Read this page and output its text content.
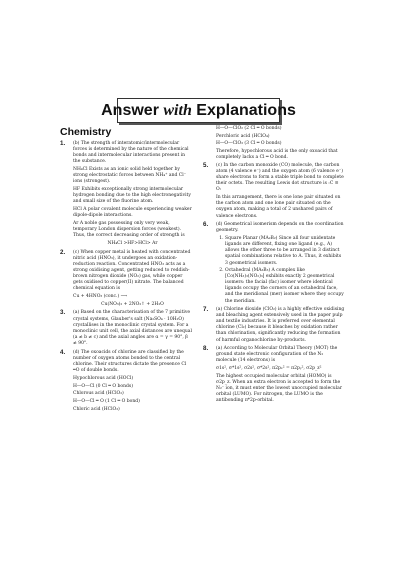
Answer with Explanations
Chemistry
1.	(b) The strength of interatomic/intermolecular forces is determined by the nature of the chemical bonds and intermolecular interactions present in the substance.

NH₄Cl Exists as an ionic solid held together by strong electrostatic forces between NH₄⁺ and Cl⁻ ions (strongest).

HF Exhibits exceptionally strong intermolecular hydrogen bonding due to the high electronegativity and small size of the fluorine atom.

HCl A polar covalent molecule experiencing weaker dipole-dipole interactions.

Ar A noble gas possessing only very weak, temporary London dispersion forces (weakest). Thus, the correct decreasing order of strength is

NH₄Cl >HF>HCl> Ar

2.	(c) When copper metal is heated with concentrated nitric acid (HNO₃), it undergoes an oxidation-reduction reaction. Concentrated HNO₃ acts as a strong oxidising agent, getting reduced to reddish-brown nitrogen dioxide (NO₂) gas, while copper gets oxidised to copper(II) nitrate. The balanced chemical equation is

Cu + 4HNO₃ (conc.) ⟶

Cu(NO₃)₂ + 2NO₂↑ + 2H₂O

3.	(a) Based on the characterisation of the 7 primitive crystal systems, Glauber's salt (Na₂SO₄ · 10H₂O) crystallises in the monoclinic crystal system. For a monoclinic unit cell, the axial distances are unequal (a ≠ b ≠ c) and the axial angles are α = γ = 90°, β ≠ 90°.

4.	(d) The oxoacids of chlorine are classified by the number of oxygen atoms bonded to the central chlorine. Their structures dictate the presence Cl ═O of double bonds.

Hypochlorous acid (HOCl)

H—O—Cl (0 Cl ═ O bonds)

Chlorous acid (HClO₂)

H—O—Cl ═ O (1 Cl ═ O bond)

Chloric acid (HClO₃)

H—O—ClO₂ (2 Cl ═ O bonds)

Perchloric acid (HClO₄)

H—O—ClO₃ (3 Cl ═ O bonds)

Therefore, hypochlorous acid is the only oxoacid that completely lacks a Cl ═ O bond.

5.	(c) In the carbon monoxide (CO) molecule, the carbon atom (4 valence e⁻) and the oxygen atom (6 valence e⁻) share electrons to form a stable triple bond to complete their octets. The resulting Lewis dot structure is :C ≡ O:

In this arrangement, there is one lone pair situated on the carbon atom and one lone pair situated on the oxygen atom, making a total of 2 unshared pairs of valence electrons.

6.	(d) Geometrical isomerism depends on the coordination geometry.

1. Square Planar (MA₂B₂) Since all four unidentate ligands are different, fixing one ligand (e.g., A) allows the other three to be arranged in 3 distinct spatial combinations relative to A. Thus, it exhibits 3 geometrical isomers.
2. Octahedral (MA₃B₃) A complex like [Co(NH₃)₃(NO₂)₃] exhibits exactly 2 geometrical isomers: the facial (fac) isomer where identical ligands occupy the corners of an octahedral face, and the meridional (mer) isomer where they occupy the meridian.
7.	(a) Chlorine dioxide (ClO₂) is a highly effective oxidising and bleaching agent extensively used in the paper pulp and textile industries. It is preferred over elemental chlorine (Cl₂) because it bleaches by oxidation rather than chlorination, significantly reducing the formation of harmful organochlorine by-products.

8.	(a) According to Molecular Orbital Theory (MOT) the ground state electronic configuration of the N₂ molecule (14 electrons) is

σ1s², σ*1s², σ2s², σ*2s², π2pₓ² = π2pᵧ², σ2p_z²

The highest occupied molecular orbital (HOMO) is σ2p_z. When an extra electron is accepted to form the N₂⁻ ion, it must enter the lowest unoccupied molecular orbital (LUMO). For nitrogen, the LUMO is the antibonding π*2p-orbital.
